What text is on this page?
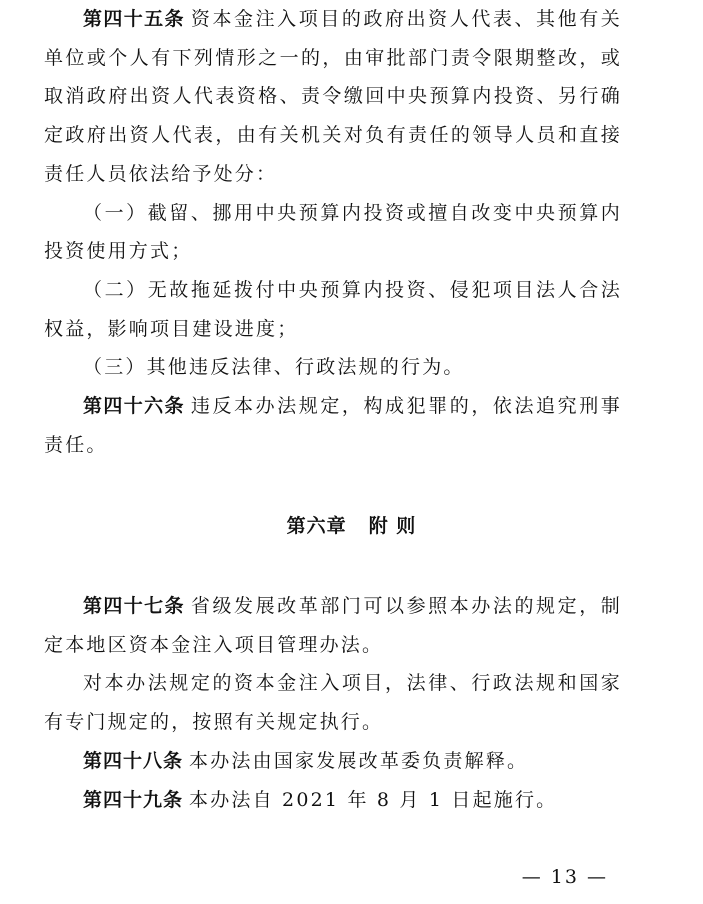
第四十五条 资本金注入项目的政府出资人代表、其他有关单位或个人有下列情形之一的，由审批部门责令限期整改，或取消政府出资人代表资格、责令缴回中央预算内投资、另行确定政府出资人代表，由有关机关对负有责任的领导人员和直接责任人员依法给予处分：

（一）截留、挪用中央预算内投资或擅自改变中央预算内投资使用方式；

（二）无故拖延拨付中央预算内投资、侵犯项目法人合法权益，影响项目建设进度；

（三）其他违反法律、行政法规的行为。

第四十六条 违反本办法规定，构成犯罪的，依法追究刑事责任。

第六章 附 则

第四十七条 省级发展改革部门可以参照本办法的规定，制定本地区资本金注入项目管理办法。

对本办法规定的资本金注入项目，法律、行政法规和国家有专门规定的，按照有关规定执行。

第四十八条 本办法由国家发展改革委负责解释。

第四十九条 本办法自 2021 年 8 月 1 日起施行。

— 13 —
